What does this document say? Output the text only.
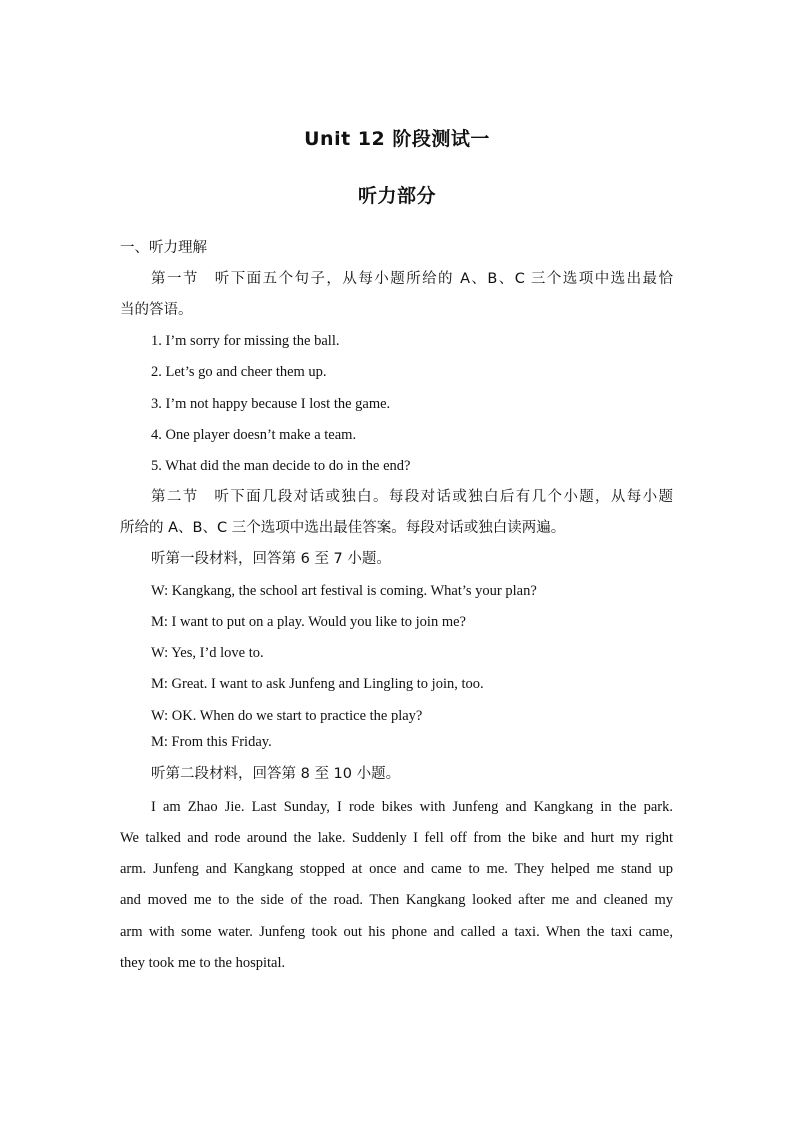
Unit 12 阶段测试一
听力部分

一、听力理解

第一节　听下面五个句子，从每小题所给的 A、B、C 三个选项中选出最恰

当的答语。

1. I’m sorry for missing the ball.

2. Let’s go and cheer them up.

3. I’m not happy because I lost the game.

4. One player doesn’t make a team.

5. What did the man decide to do in the end?

第二节　听下面几段对话或独白。每段对话或独白后有几个小题，从每小题

所给的 A、B、C 三个选项中选出最佳答案。每段对话或独白读两遍。

听第一段材料，回答第 6 至 7 小题。

W: Kangkang, the school art festival is coming. What’s your plan?

M: I want to put on a play. Would you like to join me?

W: Yes, I’d love to.

M: Great. I want to ask Junfeng and Lingling to join, too.

W: OK. When do we start to practice the play?

M: From this Friday.

听第二段材料，回答第 8 至 10 小题。

I am Zhao Jie. Last Sunday, I rode bikes with Junfeng and Kangkang in the park.

We talked and rode around the lake. Suddenly I fell off from the bike and hurt my right

arm. Junfeng and Kangkang stopped at once and came to me. They helped me stand up

and moved me to the side of the road. Then Kangkang looked after me and cleaned my

arm with some water. Junfeng took out his phone and called a taxi. When the taxi came,

they took me to the hospital.
